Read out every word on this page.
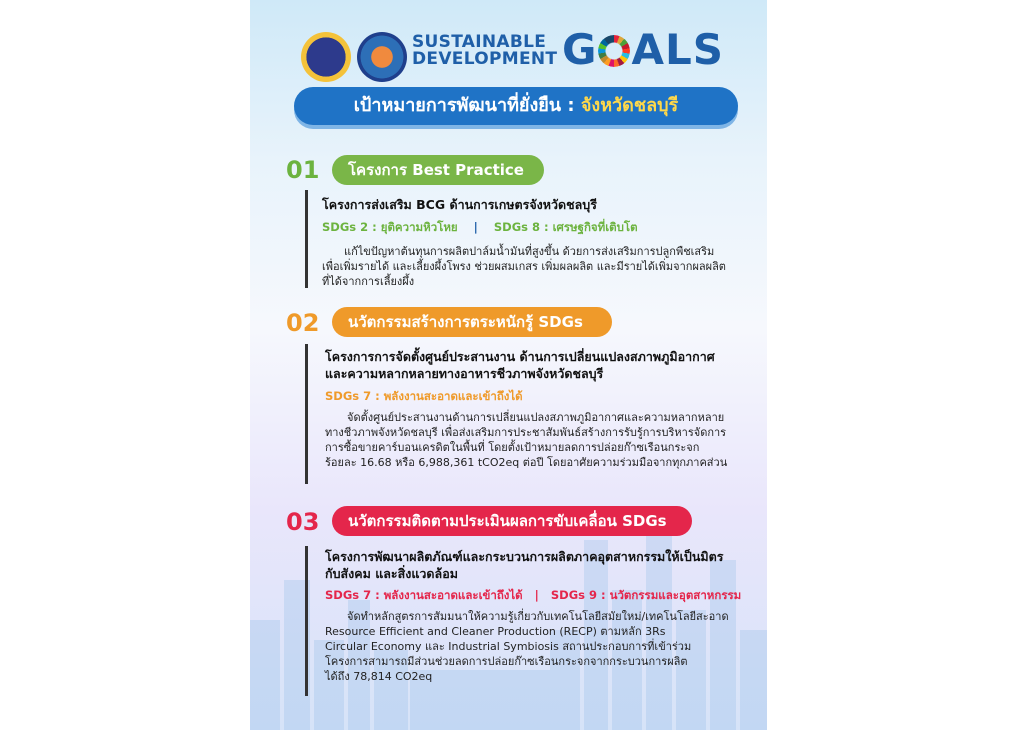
SUSTAINABLE
DEVELOPMENT G ALS
เป้าหมายการพัฒนาที่ยั่งยืน : จังหวัดชลบุรี
01	โครงการ Best Practice
โครงการส่งเสริม BCG ด้านการเกษตรจังหวัดชลบุรี
SDGs 2 : ยุติความหิวโหย | SDGs 8 : เศรษฐกิจที่เติบโต
แก้ไขปัญหาต้นทุนการผลิตปาล์มน้ำมันที่สูงขึ้น ด้วยการส่งเสริมการปลูกพืชเสริม
เพื่อเพิ่มรายได้ และเลี้ยงผึ้งโพรง ช่วยผสมเกสร เพิ่มผลผลิต และมีรายได้เพิ่มจากผลผลิต
ที่ได้จากการเลี้ยงผึ้ง
02	นวัตกรรมสร้างการตระหนักรู้ SDGs
โครงการการจัดตั้งศูนย์ประสานงาน ด้านการเปลี่ยนแปลงสภาพภูมิอากาศ
และความหลากหลายทางอาหารชีวภาพจังหวัดชลบุรี
SDGs 7 : พลังงานสะอาดและเข้าถึงได้
จัดตั้งศูนย์ประสานงานด้านการเปลี่ยนแปลงสภาพภูมิอากาศและความหลากหลาย
ทางชีวภาพจังหวัดชลบุรี เพื่อส่งเสริมการประชาสัมพันธ์สร้างการรับรู้การบริหารจัดการ
การซื้อขายคาร์บอนเครดิตในพื้นที่ โดยตั้งเป้าหมายลดการปล่อยก๊าซเรือนกระจก
ร้อยละ 16.68 หรือ 6,988,361 tCO2eq ต่อปี โดยอาศัยความร่วมมือจากทุกภาคส่วน
03	นวัตกรรมติดตามประเมินผลการขับเคลื่อน SDGs
โครงการพัฒนาผลิตภัณฑ์และกระบวนการผลิตภาคอุตสาหกรรมให้เป็นมิตร
กับสังคม และสิ่งแวดล้อม
SDGs 7 : พลังงานสะอาดและเข้าถึงได้ | SDGs 9 : นวัตกรรมและอุตสาหกรรม
จัดทำหลักสูตรการสัมมนาให้ความรู้เกี่ยวกับเทคโนโลยีสมัยใหม่/เทคโนโลยีสะอาด
Resource Efficient and Cleaner Production (RECP) ตามหลัก 3Rs
Circular Economy และ Industrial Symbiosis สถานประกอบการที่เข้าร่วม
โครงการสามารถมีส่วนช่วยลดการปล่อยก๊าซเรือนกระจกจากกระบวนการผลิต
ได้ถึง 78,814 CO2eq
